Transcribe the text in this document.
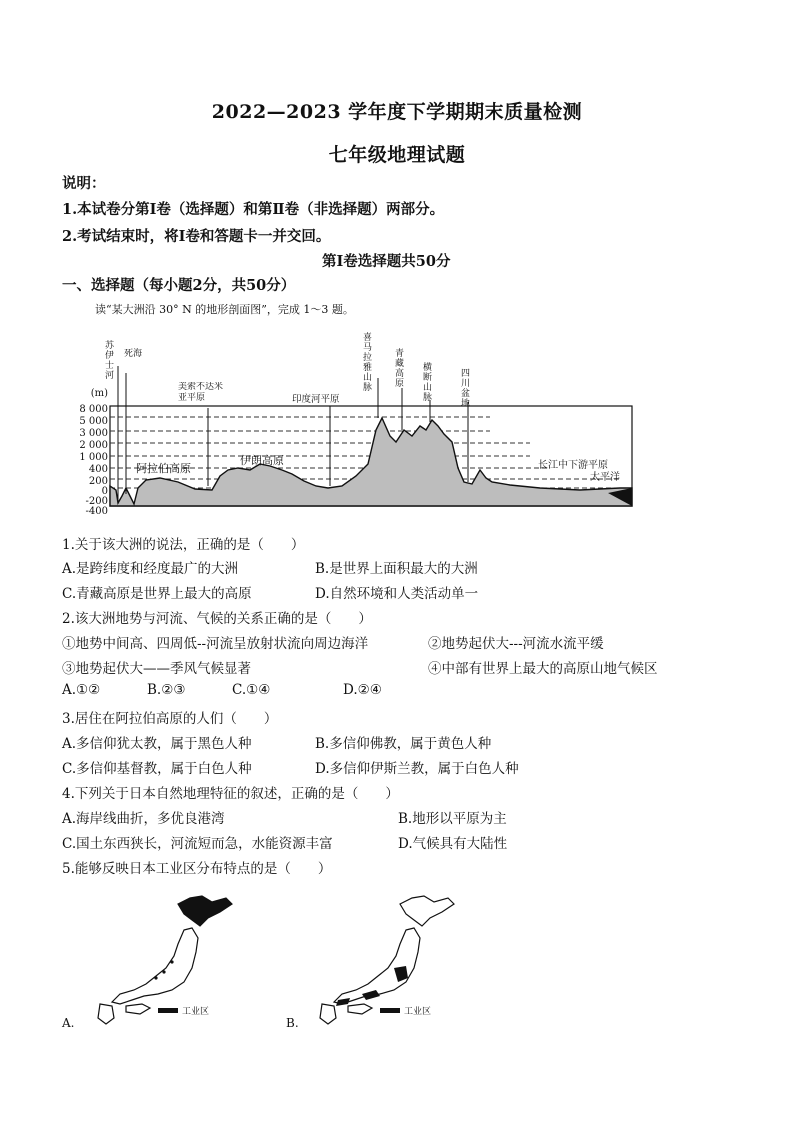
2022—2023 学年度下学期期末质量检测
七年级地理试题
说明：
1.本试卷分第Ⅰ卷（选择题）和第Ⅱ卷（非选择题）两部分。
2.考试结束时，将Ⅰ卷和答题卡一并交回。
第Ⅰ卷选择题共50分
一、选择题（每小题2分，共50分）
读“某大洲沿 30° N 的地形剖面图”，完成 1～3 题。
(m)
8 000
5 000
3 000
2 000
1 000
400
200
0
-200
-400
苏伊士河 死海	喜马拉雅山脉 青藏高原 横断山脉	四川盆地
美索不达米亚平原	印度河平原
阿拉伯高原
伊朗高原	长江中下游平原
太平洋
1.关于该大洲的说法，正确的是（　　）
A.是跨纬度和经度最广的大洲	B.是世界上面积最大的大洲
C.青藏高原是世界上最大的高原	D.自然环境和人类活动单一
2.该大洲地势与河流、气候的关系正确的是（　　）
①地势中间高、四周低--河流呈放射状流向周边海洋	②地势起伏大---河流水流平缓
③地势起伏大——季风气候显著	④中部有世界上最大的高原山地气候区
A.①②	B.②③	C.①④	D.②④
3.居住在阿拉伯高原的人们（　　）
A.多信仰犹太教，属于黑色人种	B.多信仰佛教，属于黄色人种
C.多信仰基督教，属于白色人种	D.多信仰伊斯兰教，属于白色人种
4.下列关于日本自然地理特征的叙述，正确的是（　　）
A.海岸线曲折，多优良港湾	B.地形以平原为主
C.国土东西狭长，河流短而急，水能资源丰富	D.气候具有大陆性
5.能够反映日本工业区分布特点的是（　　）
工业区
A.
工业区
B.
